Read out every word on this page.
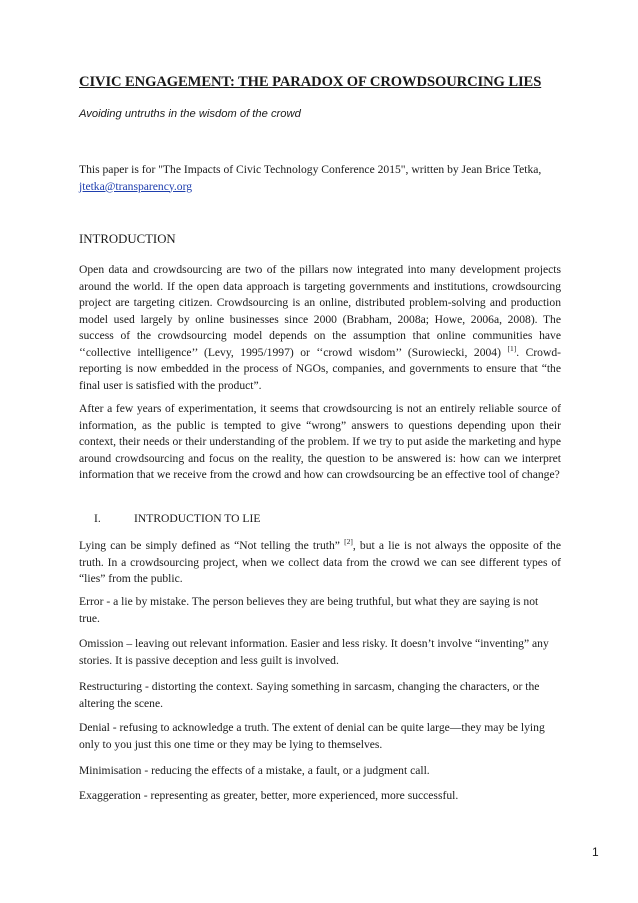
CIVIC ENGAGEMENT: THE PARADOX OF CROWDSOURCING LIES
Avoiding untruths in the wisdom of the crowd
This paper is for "The Impacts of Civic Technology Conference 2015", written by Jean Brice Tetka,
jtetka@transparency.org
INTRODUCTION
Open data and crowdsourcing are two of the pillars now integrated into many development projects around the world. If the open data approach is targeting governments and institutions, crowdsourcing project are targeting citizen. Crowdsourcing is an online, distributed problem-solving and production model used largely by online businesses since 2000 (Brabham, 2008a; Howe, 2006a, 2008). The success of the crowdsourcing model depends on the assumption that online communities have ‘‘collective intelligence’’ (Levy, 1995/1997) or ‘‘crowd wisdom’’ (Surowiecki, 2004) [1]. Crowd-reporting is now embedded in the process of NGOs, companies, and governments to ensure that “the final user is satisfied with the product”.
After a few years of experimentation, it seems that crowdsourcing is not an entirely reliable source of information, as the public is tempted to give “wrong” answers to questions depending upon their context, their needs or their understanding of the problem. If we try to put aside the marketing and hype around crowdsourcing and focus on the reality, the question to be answered is: how can we interpret information that we receive from the crowd and how can crowdsourcing be an effective tool of change?
I.	INTRODUCTION TO LIE
Lying can be simply defined as “Not telling the truth” [2], but a lie is not always the opposite of the truth. In a crowdsourcing project, when we collect data from the crowd we can see different types of “lies” from the public.
Error - a lie by mistake. The person believes they are being truthful, but what they are saying is not true.
Omission – leaving out relevant information. Easier and less risky. It doesn’t involve “inventing” any stories. It is passive deception and less guilt is involved.
Restructuring - distorting the context. Saying something in sarcasm, changing the characters, or the altering the scene.
Denial - refusing to acknowledge a truth. The extent of denial can be quite large—they may be lying only to you just this one time or they may be lying to themselves.
Minimisation - reducing the effects of a mistake, a fault, or a judgment call.
Exaggeration - representing as greater, better, more experienced, more successful.
1
